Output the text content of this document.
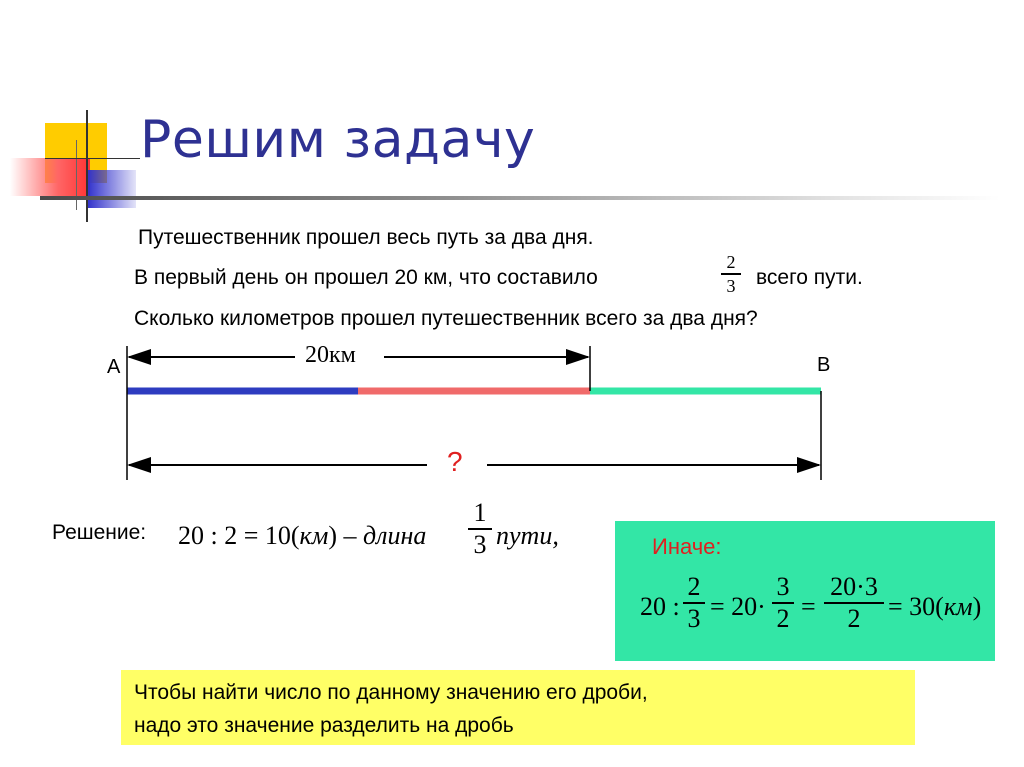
Решим задачу
Путешественник прошел весь путь за два дня.
В первый день он прошел 20 км, что составило
2
3 всего пути.
Сколько километров прошел путешественник всего за два дня?
A	B
20км
?
Решение: 20 : 2 = 10(км) – длина
1
3 пути,	Иначе:
20 :
2
3 = 20·
3
2 =
20·3
2	= 30(км)
Чтобы найти число по данному значению его дроби,
надо это значение разделить на дробь
